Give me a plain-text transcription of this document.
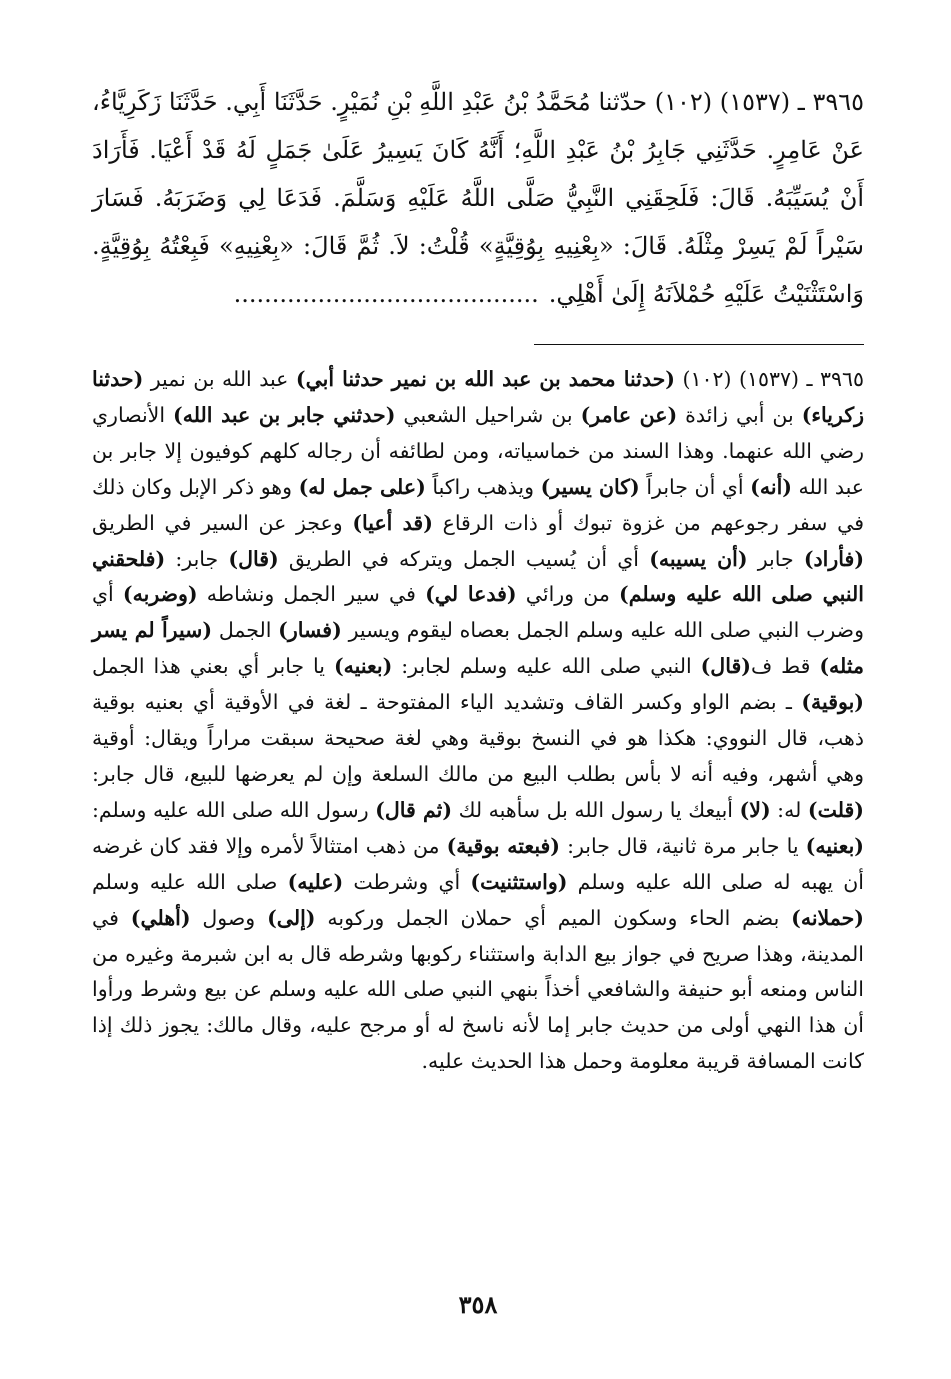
٣٩٦٥ ـ (١٥٣٧) (١٠٢) حدّثنا مُحَمَّدُ بْنُ عَبْدِ اللَّهِ بْنِ نُمَيْرٍ. حَدَّثَنَا أَبِي. حَدَّثَنَا زَكَرِيَّاءُ، عَنْ عَامِرٍ. حَدَّثَنِي جَابِرُ بْنُ عَبْدِ اللَّهِ؛ أَنَّهُ كَانَ يَسِيرُ عَلَىٰ جَمَلٍ لَهُ قَدْ أَعْيَا. فَأَرَادَ أَنْ يُسَيِّبَهُ. قَالَ: فَلَحِقَنِي النَّبِيُّ صَلَّى اللَّهُ عَلَيْهِ وَسَلَّمَ. فَدَعَا لِي وَضَرَبَهُ. فَسَارَ سَيْراً لَمْ يَسِرْ مِثْلَهُ. قَالَ: «بِعْنِيهِ بِوُقِيَّةٍ» قُلْتُ: لاَ. ثُمَّ قَالَ: «بِعْنِيهِ» فَبِعْتُهُ بِوُقِيَّةٍ. وَاسْتَثْنَيْتُ عَلَيْهِ حُمْلاَنَهُ إِلَىٰ أَهْلِي.........................................

٣٩٦٥ ـ (١٥٣٧) (١٠٢) (حدثنا محمد بن عبد الله بن نمير حدثنا أبي) عبد الله بن نمير (حدثنا زكرياء) بن أبي زائدة (عن عامر) بن شراحيل الشعبي (حدثني جابر بن عبد الله) الأنصاري رضي الله عنهما. وهذا السند من خماسياته، ومن لطائفه أن رجاله كلهم كوفيون إلا جابر بن عبد الله (أنه) أي أن جابراً (كان يسير) ويذهب راكباً (على جمل له) وهو ذكر الإبل وكان ذلك في سفر رجوعهم من غزوة تبوك أو ذات الرقاع (قد أعيا) وعجز عن السير في الطريق (فأراد) جابر (أن يسيبه) أي أن يُسيب الجمل ويتركه في الطريق (قال) جابر: (فلحقني النبي صلى الله عليه وسلم) من ورائي (فدعا لي) في سير الجمل ونشاطه (وضربه) أي وضرب النبي صلى الله عليه وسلم الجمل بعصاه ليقوم ويسير (فسار) الجمل (سيراً لم يسر مثله) قط ف(قال) النبي صلى الله عليه وسلم لجابر: (بعنيه) يا جابر أي بعني هذا الجمل (بوقية) ـ بضم الواو وكسر القاف وتشديد الياء المفتوحة ـ لغة في الأوقية أي بعنيه بوقية ذهب، قال النووي: هكذا هو في النسخ بوقية وهي لغة صحيحة سبقت مراراً ويقال: أوقية وهي أشهر، وفيه أنه لا بأس بطلب البيع من مالك السلعة وإن لم يعرضها للبيع، قال جابر: (قلت) له: (لا) أبيعك يا رسول الله بل سأهبه لك (ثم قال) رسول الله صلى الله عليه وسلم: (بعنيه) يا جابر مرة ثانية، قال جابر: (فبعته بوقية) من ذهب امتثالاً لأمره وإلا فقد كان غرضه أن يهبه له صلى الله عليه وسلم (واستثنيت) أي وشرطت (عليه) صلى الله عليه وسلم (حملانه) بضم الحاء وسكون الميم أي حملان الجمل وركوبه (إلى) وصول (أهلي) في المدينة، وهذا صريح في جواز بيع الدابة واستثناء ركوبها وشرطه قال به ابن شبرمة وغيره من الناس ومنعه أبو حنيفة والشافعي أخذاً بنهي النبي صلى الله عليه وسلم عن بيع وشرط ورأوا أن هذا النهي أولى من حديث جابر إما لأنه ناسخ له أو مرجح عليه، وقال مالك: يجوز ذلك إذا كانت المسافة قريبة معلومة وحمل هذا الحديث عليه.

٣٥٨
